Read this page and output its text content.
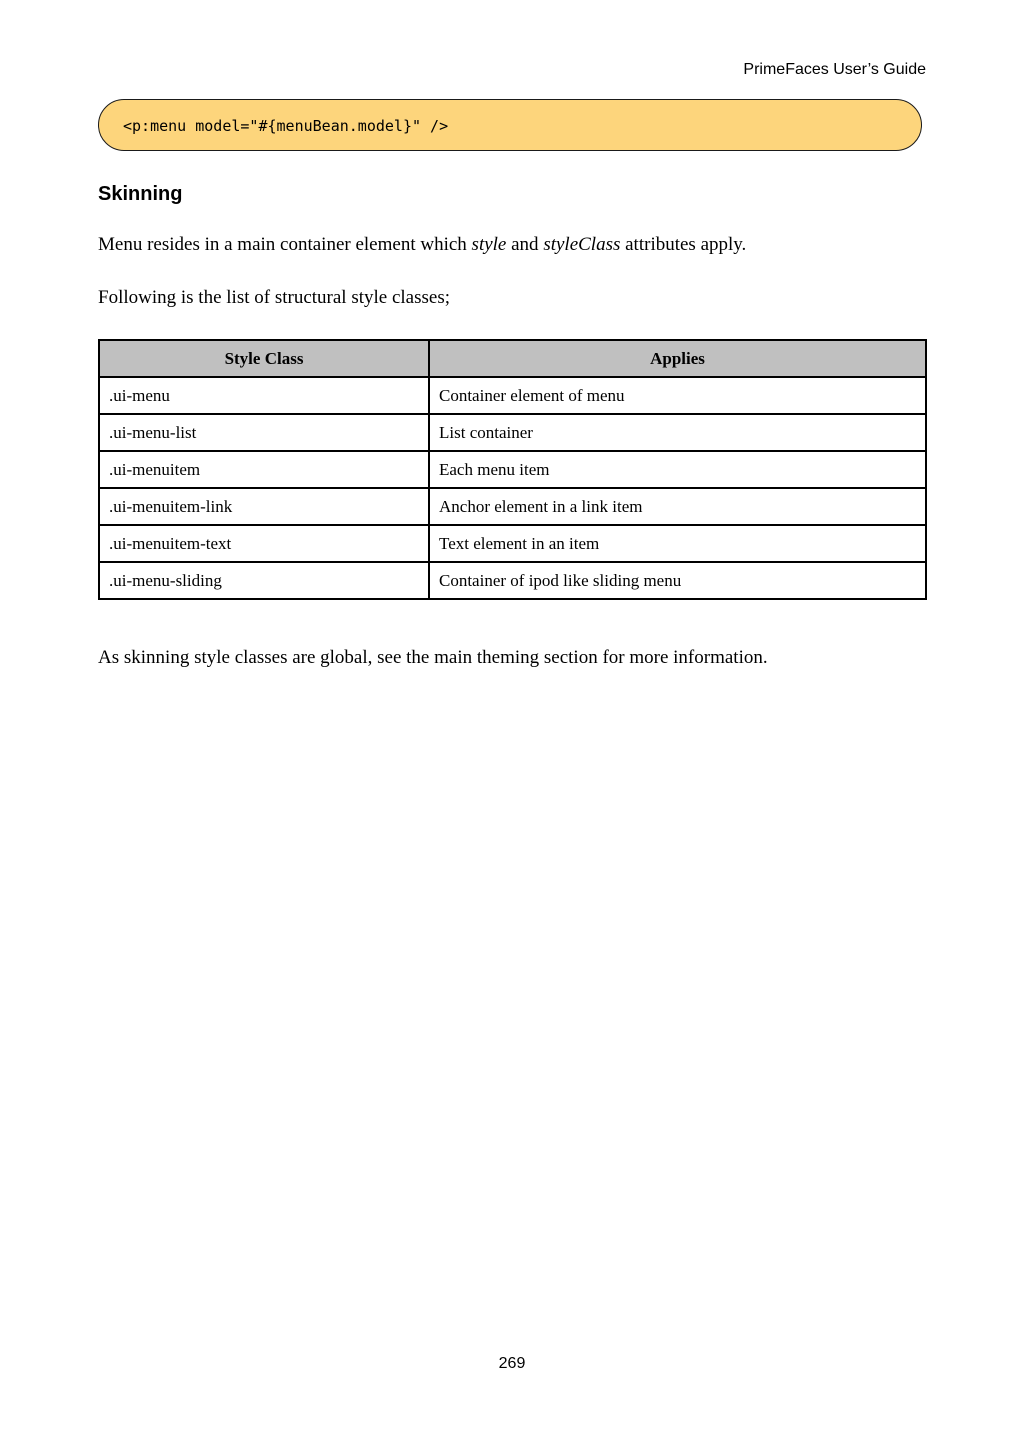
PrimeFaces User’s Guide
<p:menu model="#{menuBean.model}" />
Skinning

Menu resides in a main container element which style and styleClass attributes apply.

Following is the list of structural style classes;

Style Class	Applies
.ui-menu	Container element of menu
.ui-menu-list	List container
.ui-menuitem	Each menu item
.ui-menuitem-link	Anchor element in a link item
.ui-menuitem-text	Text element in an item
.ui-menu-sliding	Container of ipod like sliding menu

As skinning style classes are global, see the main theming section for more information.

269
